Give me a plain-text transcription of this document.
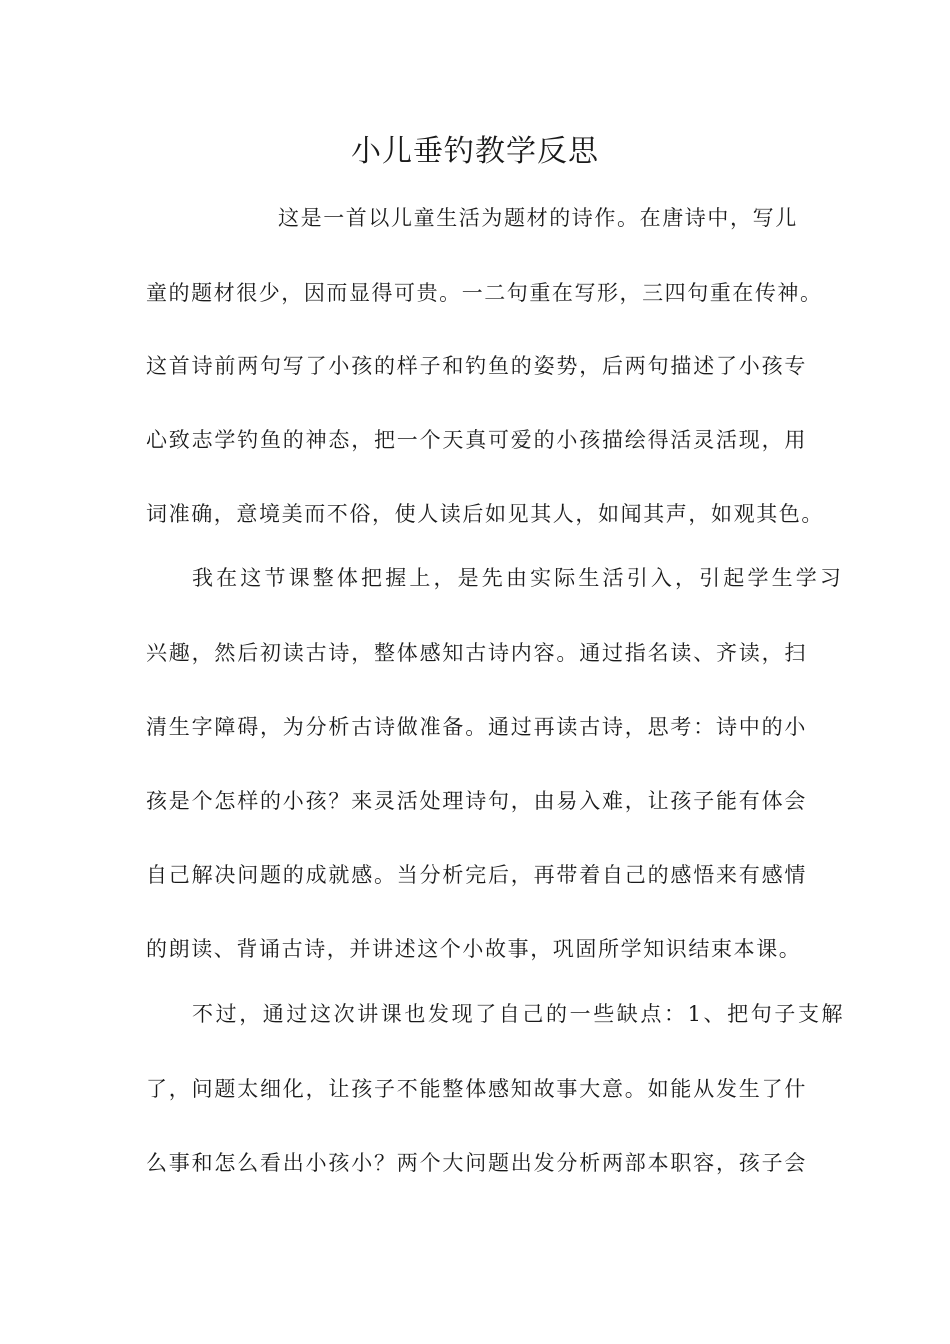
小儿垂钓教学反思
这是一首以儿童生活为题材的诗作。在唐诗中，写儿
童的题材很少，因而显得可贵。一二句重在写形，三四句重在传神。
这首诗前两句写了小孩的样子和钓鱼的姿势，后两句描述了小孩专
心致志学钓鱼的神态，把一个天真可爱的小孩描绘得活灵活现，用
词准确，意境美而不俗，使人读后如见其人，如闻其声，如观其色。
我在这节课整体把握上，是先由实际生活引入，引起学生学习
兴趣，然后初读古诗，整体感知古诗内容。通过指名读、齐读，扫
清生字障碍，为分析古诗做准备。通过再读古诗，思考：诗中的小
孩是个怎样的小孩？来灵活处理诗句，由易入难，让孩子能有体会
自己解决问题的成就感。当分析完后，再带着自己的感悟来有感情
的朗读、背诵古诗，并讲述这个小故事，巩固所学知识结束本课。
不过，通过这次讲课也发现了自己的一些缺点：1、把句子支解
了，问题太细化，让孩子不能整体感知故事大意。如能从发生了什
么事和怎么看出小孩小？两个大问题出发分析两部本职容，孩子会
